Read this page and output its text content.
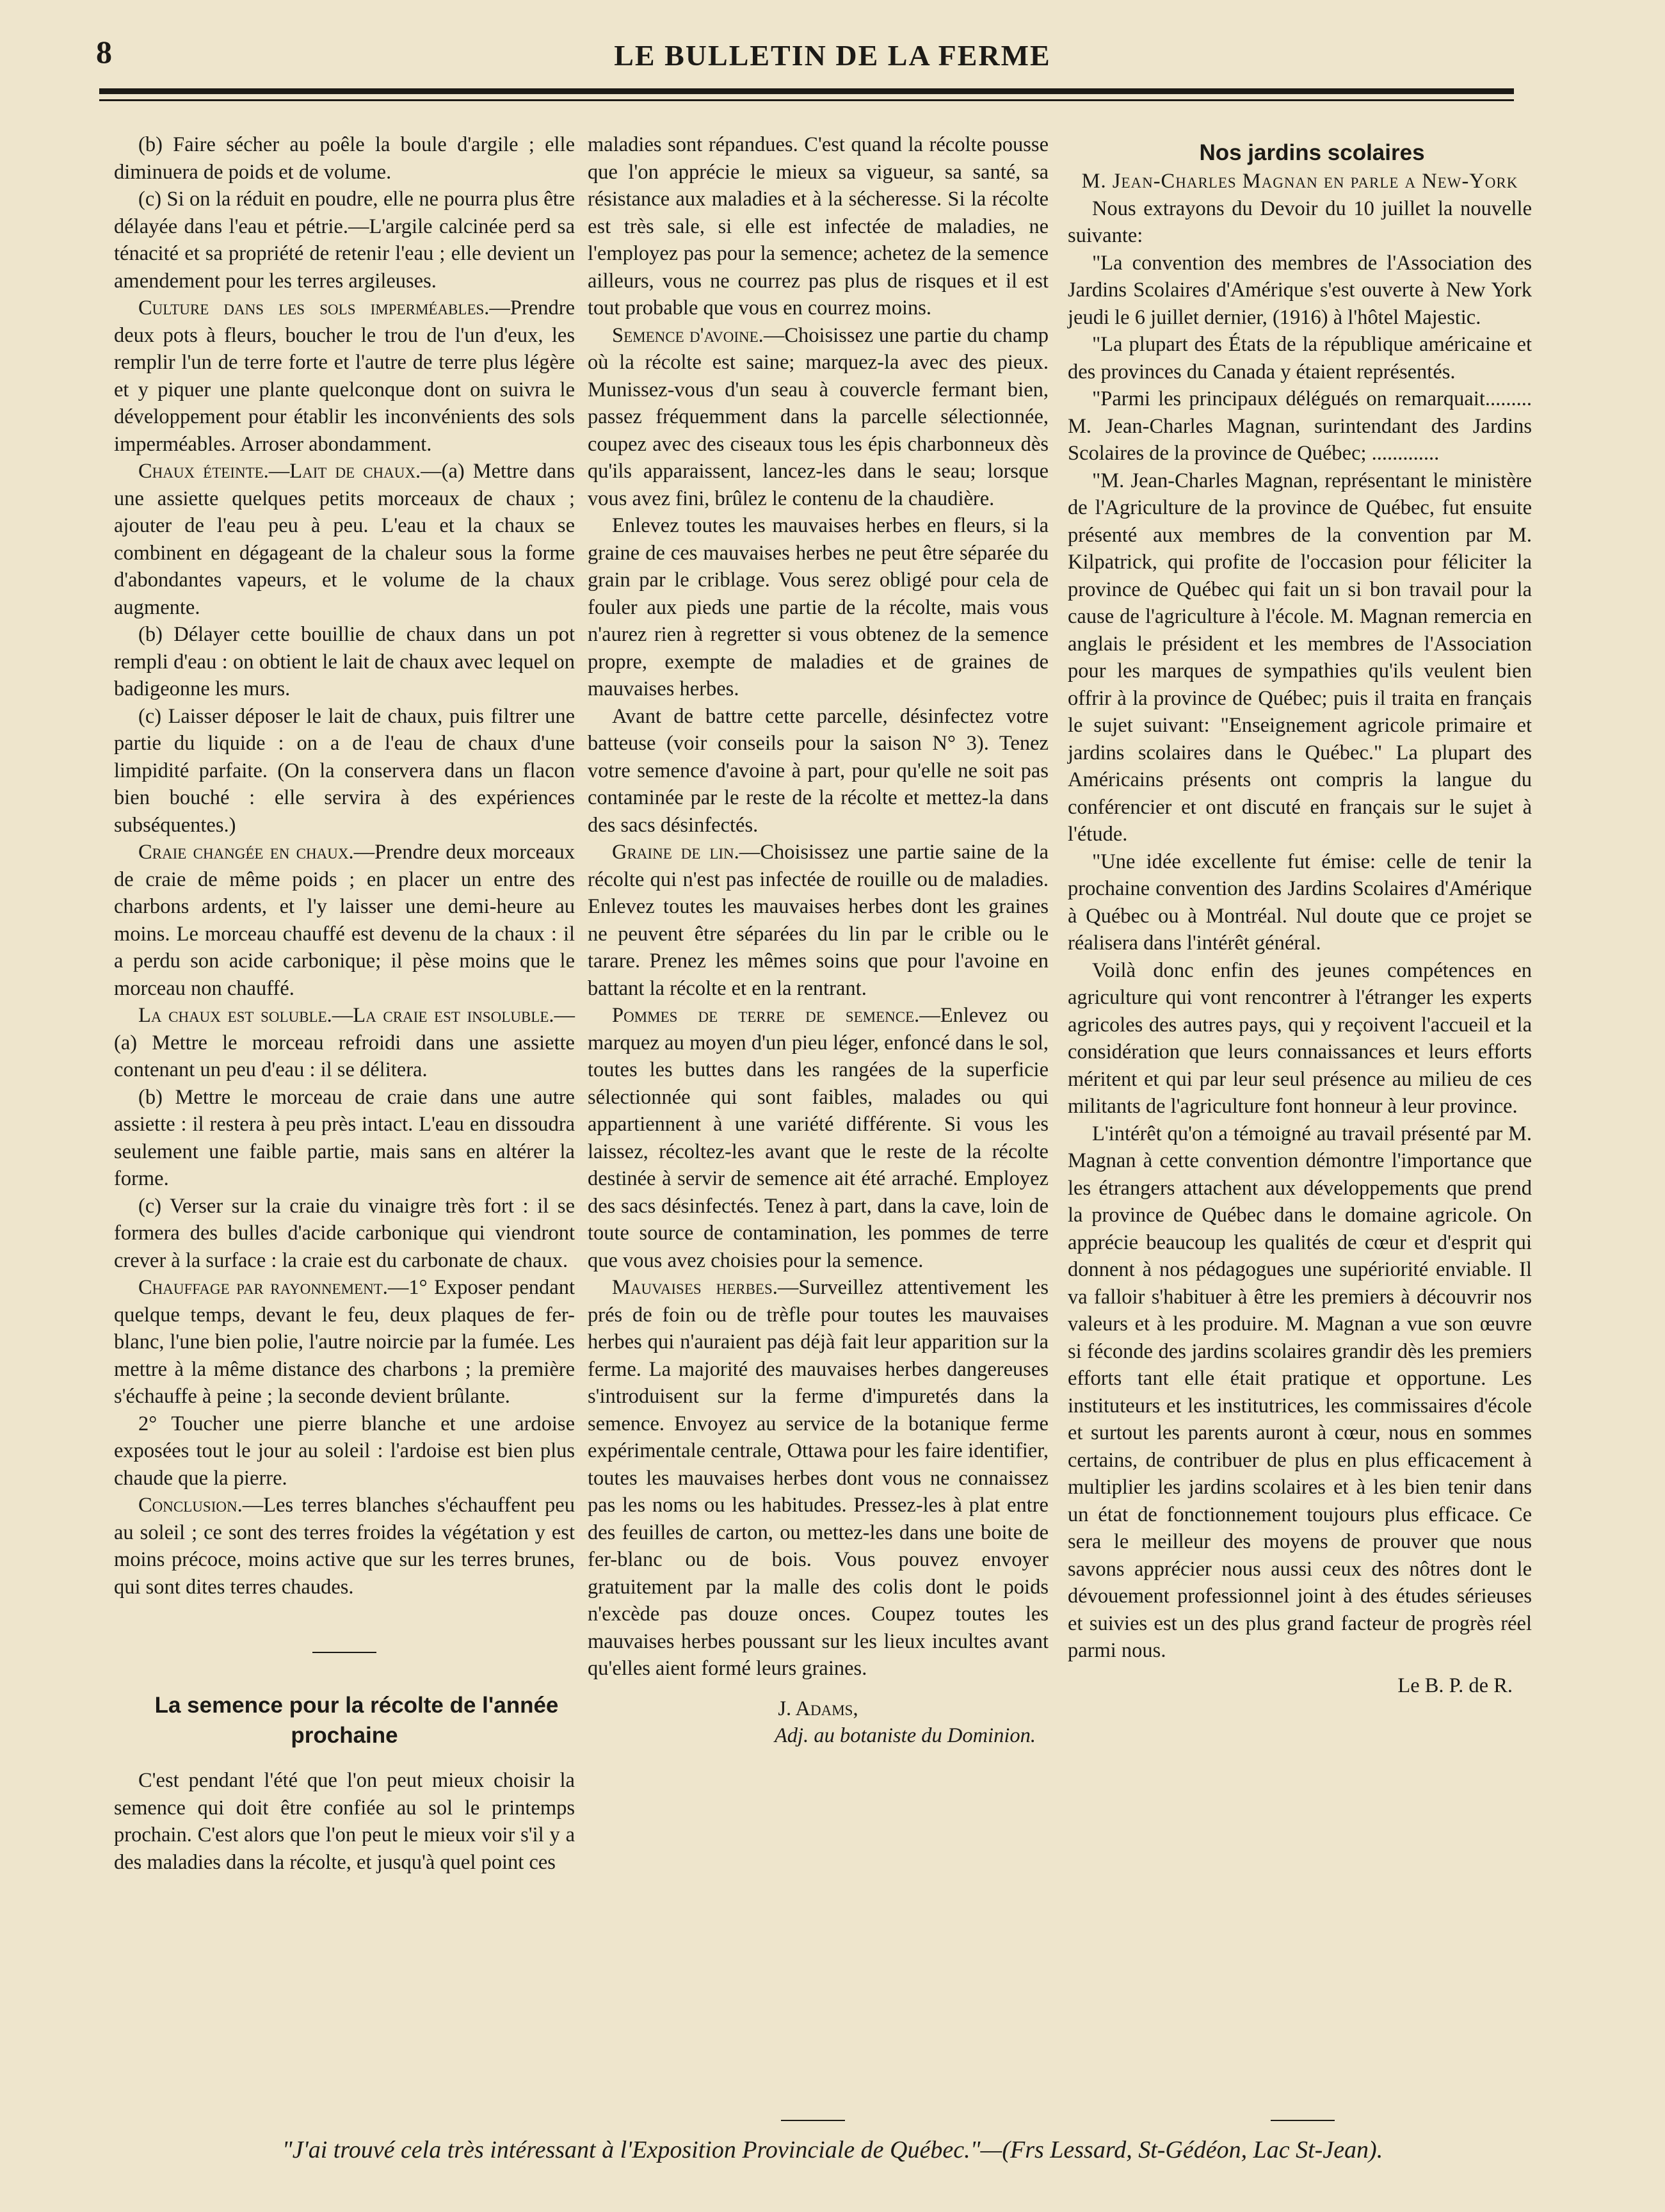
8	LE BULLETIN DE LA FERME

(b) Faire sécher au poêle la boule d'argile ; elle diminuera de poids et de volume.

(c) Si on la réduit en poudre, elle ne pourra plus être délayée dans l'eau et pétrie.—L'argile calcinée perd sa ténacité et sa propriété de retenir l'eau ; elle devient un amendement pour les terres argileuses.

Culture dans les sols imperméables.—Prendre deux pots à fleurs, boucher le trou de l'un d'eux, les remplir l'un de terre forte et l'autre de terre plus légère et y piquer une plante quelconque dont on suivra le développement pour établir les inconvénients des sols imperméables. Arroser abondamment.

Chaux éteinte.—Lait de chaux.—(a) Mettre dans une assiette quelques petits morceaux de chaux ; ajouter de l'eau peu à peu. L'eau et la chaux se combinent en dégageant de la chaleur sous la forme d'abondantes vapeurs, et le volume de la chaux augmente.

(b) Délayer cette bouillie de chaux dans un pot rempli d'eau : on obtient le lait de chaux avec lequel on badigeonne les murs.

(c) Laisser déposer le lait de chaux, puis filtrer une partie du liquide : on a de l'eau de chaux d'une limpidité parfaite. (On la conservera dans un flacon bien bouché : elle servira à des expériences subséquentes.)

Craie changée en chaux.—Prendre deux morceaux de craie de même poids ; en placer un entre des charbons ardents, et l'y laisser une demi-heure au moins. Le morceau chauffé est devenu de la chaux : il a perdu son acide carbonique; il pèse moins que le morceau non chauffé.

La chaux est soluble.—La craie est insoluble.—(a) Mettre le morceau refroidi dans une assiette contenant un peu d'eau : il se délitera.

(b) Mettre le morceau de craie dans une autre assiette : il restera à peu près intact. L'eau en dissoudra seulement une faible partie, mais sans en altérer la forme.

(c) Verser sur la craie du vinaigre très fort : il se formera des bulles d'acide carbonique qui viendront crever à la surface : la craie est du carbonate de chaux.

Chauffage par rayonnement.—1° Exposer pendant quelque temps, devant le feu, deux plaques de fer-blanc, l'une bien polie, l'autre noircie par la fumée. Les mettre à la même distance des charbons ; la première s'échauffe à peine ; la seconde devient brûlante.

2° Toucher une pierre blanche et une ardoise exposées tout le jour au soleil : l'ardoise est bien plus chaude que la pierre.

Conclusion.—Les terres blanches s'échauffent peu au soleil ; ce sont des terres froides la végétation y est moins précoce, moins active que sur les terres brunes, qui sont dites terres chaudes.

La semence pour la récolte de l'année prochaine

C'est pendant l'été que l'on peut mieux choisir la semence qui doit être confiée au sol le printemps prochain. C'est alors que l'on peut le mieux voir s'il y a des maladies dans la récolte, et jusqu'à quel point ces

maladies sont répandues. C'est quand la récolte pousse que l'on apprécie le mieux sa vigueur, sa santé, sa résistance aux maladies et à la sécheresse. Si la récolte est très sale, si elle est infectée de maladies, ne l'employez pas pour la semence; achetez de la semence ailleurs, vous ne courrez pas plus de risques et il est tout probable que vous en courrez moins.

Semence d'avoine.—Choisissez une partie du champ où la récolte est saine; marquez-la avec des pieux. Munissez-vous d'un seau à couvercle fermant bien, passez fréquemment dans la parcelle sélectionnée, coupez avec des ciseaux tous les épis charbonneux dès qu'ils apparaissent, lancez-les dans le seau; lorsque vous avez fini, brûlez le contenu de la chaudière.

Enlevez toutes les mauvaises herbes en fleurs, si la graine de ces mauvaises herbes ne peut être séparée du grain par le criblage. Vous serez obligé pour cela de fouler aux pieds une partie de la récolte, mais vous n'aurez rien à regretter si vous obtenez de la semence propre, exempte de maladies et de graines de mauvaises herbes.

Avant de battre cette parcelle, désinfectez votre batteuse (voir conseils pour la saison N° 3). Tenez votre semence d'avoine à part, pour qu'elle ne soit pas contaminée par le reste de la récolte et mettez-la dans des sacs désinfectés.

Graine de lin.—Choisissez une partie saine de la récolte qui n'est pas infectée de rouille ou de maladies. Enlevez toutes les mauvaises herbes dont les graines ne peuvent être séparées du lin par le crible ou le tarare. Prenez les mêmes soins que pour l'avoine en battant la récolte et en la rentrant.

Pommes de terre de semence.—Enlevez ou marquez au moyen d'un pieu léger, enfoncé dans le sol, toutes les buttes dans les rangées de la superficie sélectionnée qui sont faibles, malades ou qui appartiennent à une variété différente. Si vous les laissez, récoltez-les avant que le reste de la récolte destinée à servir de semence ait été arraché. Employez des sacs désinfectés. Tenez à part, dans la cave, loin de toute source de contamination, les pommes de terre que vous avez choisies pour la semence.

Mauvaises herbes.—Surveillez attentivement les prés de foin ou de trèfle pour toutes les mauvaises herbes qui n'auraient pas déjà fait leur apparition sur la ferme. La majorité des mauvaises herbes dangereuses s'introduisent sur la ferme d'impuretés dans la semence. Envoyez au service de la botanique ferme expérimentale centrale, Ottawa pour les faire identifier, toutes les mauvaises herbes dont vous ne connaissez pas les noms ou les habitudes. Pressez-les à plat entre des feuilles de carton, ou mettez-les dans une boite de fer-blanc ou de bois. Vous pouvez envoyer gratuitement par la malle des colis dont le poids n'excède pas douze onces. Coupez toutes les mauvaises herbes poussant sur les lieux incultes avant qu'elles aient formé leurs graines.

J. Adams,

Adj. au botaniste du Dominion.

Nos jardins scolaires

M. Jean-Charles Magnan en parle a New-York

Nous extrayons du Devoir du 10 juillet la nouvelle suivante:

"La convention des membres de l'Association des Jardins Scolaires d'Amérique s'est ouverte à New York jeudi le 6 juillet dernier, (1916) à l'hôtel Majestic.

"La plupart des États de la république américaine et des provinces du Canada y étaient représentés.

"Parmi les principaux délégués on remarquait......... M. Jean-Charles Magnan, surintendant des Jardins Scolaires de la province de Québec; .............

"M. Jean-Charles Magnan, représentant le ministère de l'Agriculture de la province de Québec, fut ensuite présenté aux membres de la convention par M. Kilpatrick, qui profite de l'occasion pour féliciter la province de Québec qui fait un si bon travail pour la cause de l'agriculture à l'école. M. Magnan remercia en anglais le président et les membres de l'Association pour les marques de sympathies qu'ils veulent bien offrir à la province de Québec; puis il traita en français le sujet suivant: "Enseignement agricole primaire et jardins scolaires dans le Québec." La plupart des Américains présents ont compris la langue du conférencier et ont discuté en français sur le sujet à l'étude.

"Une idée excellente fut émise: celle de tenir la prochaine convention des Jardins Scolaires d'Amérique à Québec ou à Montréal. Nul doute que ce projet se réalisera dans l'intérêt général.

Voilà donc enfin des jeunes compétences en agriculture qui vont rencontrer à l'étranger les experts agricoles des autres pays, qui y reçoivent l'accueil et la considération que leurs connaissances et leurs efforts méritent et qui par leur seul présence au milieu de ces militants de l'agriculture font honneur à leur province.

L'intérêt qu'on a témoigné au travail présenté par M. Magnan à cette convention démontre l'importance que les étrangers attachent aux développements que prend la province de Québec dans le domaine agricole. On apprécie beaucoup les qualités de cœur et d'esprit qui donnent à nos pédagogues une supériorité enviable. Il va falloir s'habituer à être les premiers à découvrir nos valeurs et à les produire. M. Magnan a vue son œuvre si féconde des jardins scolaires grandir dès les premiers efforts tant elle était pratique et opportune. Les instituteurs et les institutrices, les commissaires d'école et surtout les parents auront à cœur, nous en sommes certains, de contribuer de plus en plus efficacement à multiplier les jardins scolaires et à les bien tenir dans un état de fonctionnement toujours plus efficace. Ce sera le meilleur des moyens de prouver que nous savons apprécier nous aussi ceux des nôtres dont le dévouement professionnel joint à des études sérieuses et suivies est un des plus grand facteur de progrès réel parmi nous.

Le B. P. de R.

"J'ai trouvé cela très intéressant à l'Exposition Provinciale de Québec."—(Frs Lessard, St-Gédéon, Lac St-Jean).
